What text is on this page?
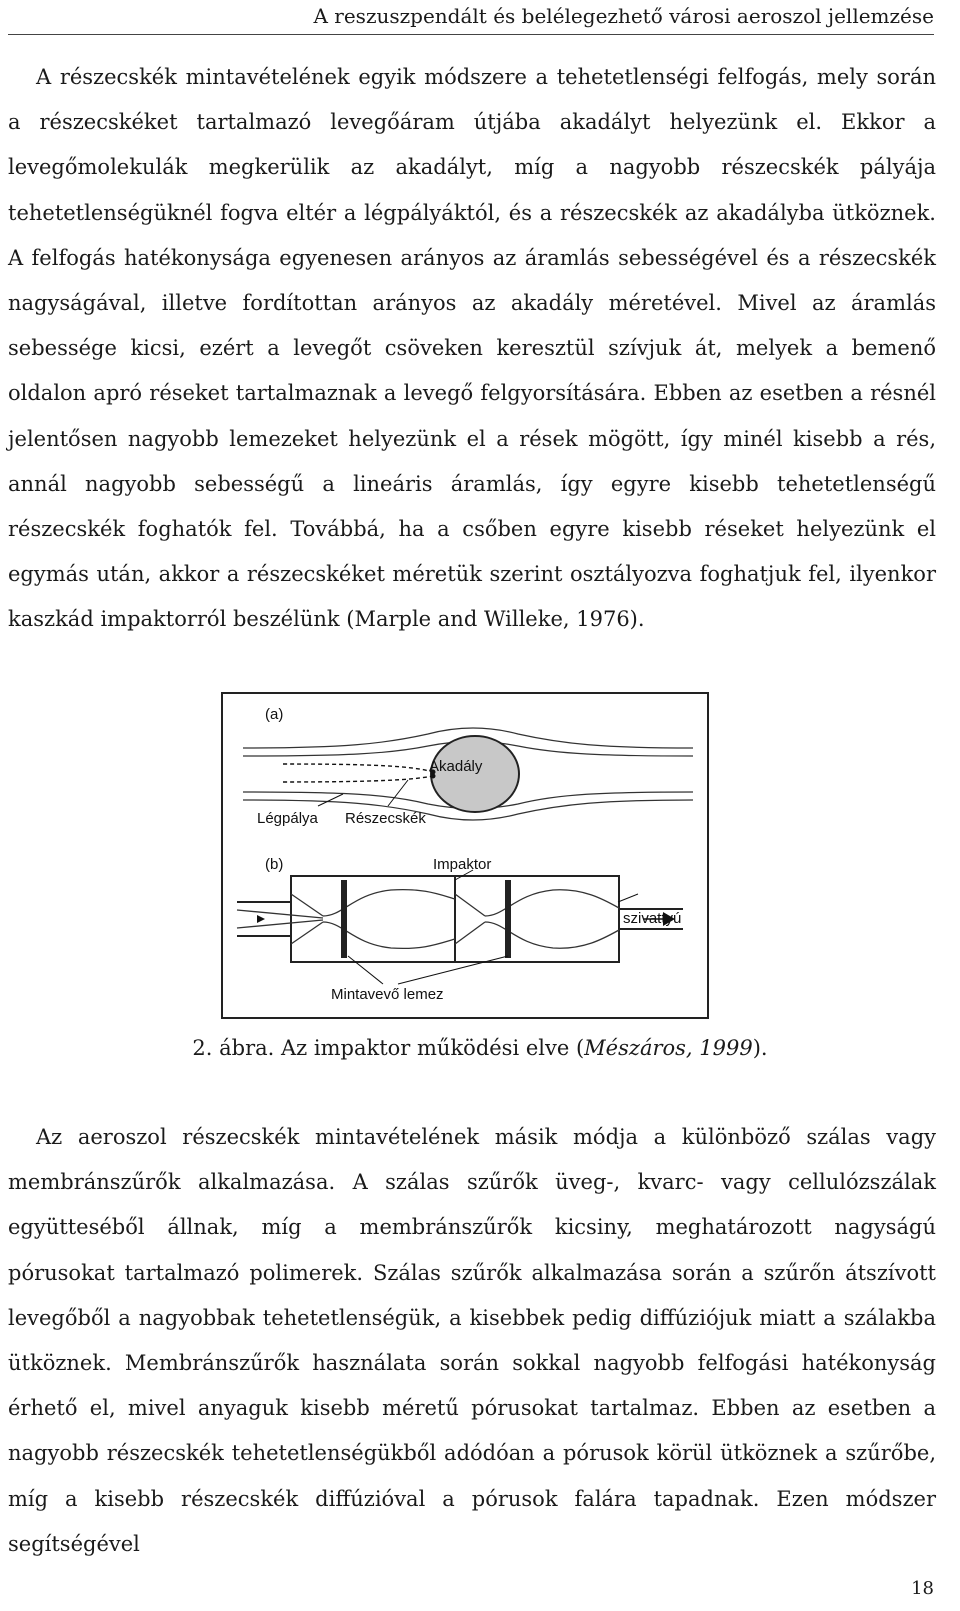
A reszuszpendált és belélegezhető városi aeroszol jellemzése
A részecskék mintavételének egyik módszere a tehetetlenségi felfogás, mely során a részecskéket tartalmazó levegőáram útjába akadályt helyezünk el. Ekkor a levegőmolekulák megkerülik az akadályt, míg a nagyobb részecskék pályája tehetetlenségüknél fogva eltér a légpályáktól, és a részecskék az akadályba ütköznek. A felfogás hatékonysága egyenesen arányos az áramlás sebességével és a részecskék nagyságával, illetve fordítottan arányos az akadály méretével. Mivel az áramlás sebessége kicsi, ezért a levegőt csöveken keresztül szívjuk át, melyek a bemenő oldalon apró réseket tartalmaznak a levegő felgyorsítására. Ebben az esetben a résnél jelentősen nagyobb lemezeket helyezünk el a rések mögött, így minél kisebb a rés, annál nagyobb sebességű a lineáris áramlás, így egyre kisebb tehetetlenségű részecskék foghatók fel. Továbbá, ha a csőben egyre kisebb réseket helyezünk el egymás után, akkor a részecskéket méretük szerint osztályozva foghatjuk fel, ilyenkor kaszkád impaktorról beszélünk (Marple and Willeke, 1976).
(a)
Akadály
Légpálya Részecskék
(b)	Impaktor
szivattyú
Mintavevő lemez
2. ábra. Az impaktor működési elve (Mészáros, 1999).
Az aeroszol részecskék mintavételének másik módja a különböző szálas vagy membránszűrők alkalmazása. A szálas szűrők üveg-, kvarc- vagy cellulózszálak együtteséből állnak, míg a membránszűrők kicsiny, meghatározott nagyságú pórusokat tartalmazó polimerek. Szálas szűrők alkalmazása során a szűrőn átszívott levegőből a nagyobbak tehetetlenségük, a kisebbek pedig diffúziójuk miatt a szálakba ütköznek. Membránszűrők használata során sokkal nagyobb felfogási hatékonyság érhető el, mivel anyaguk kisebb méretű pórusokat tartalmaz. Ebben az esetben a nagyobb részecskék tehetetlenségükből adódóan a pórusok körül ütköznek a szűrőbe, míg a kisebb részecskék diffúzióval a pórusok falára tapadnak. Ezen módszer segítségével
18
